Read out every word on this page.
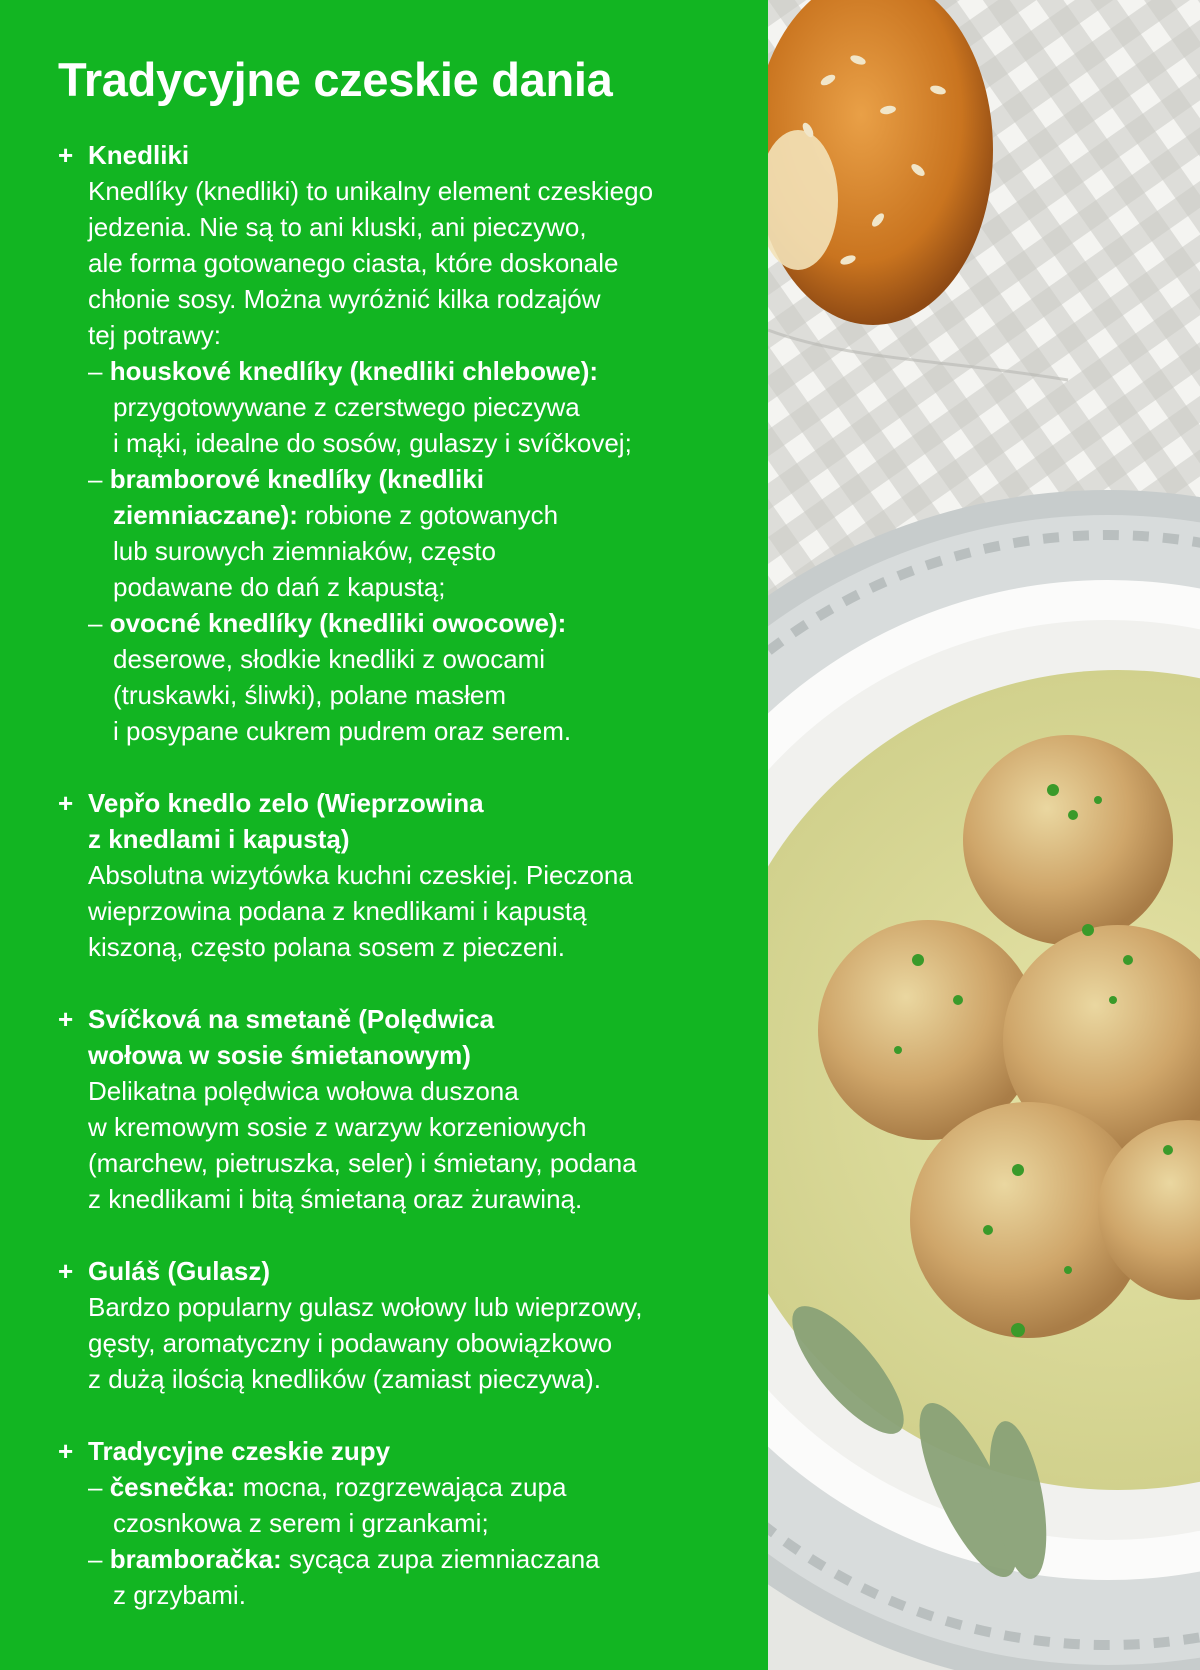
Tradycyjne czeskie dania
+ Knedliki
Knedlíky (knedliki) to unikalny element czeskiego
jedzenia. Nie są to ani kluski, ani pieczywo,
ale forma gotowanego ciasta, które doskonale
chłonie sosy. Można wyróżnić kilka rodzajów
tej potrawy:
– houskové knedlíky (knedliki chlebowe):
przygotowywane z czerstwego pieczywa
i mąki, idealne do sosów, gulaszy i svíčkovej;
– bramborové knedlíky (knedliki
ziemniaczane): robione z gotowanych
lub surowych ziemniaków, często
podawane do dań z kapustą;
– ovocné knedlíky (knedliki owocowe):
deserowe, słodkie knedliki z owocami
(truskawki, śliwki), polane masłem
i posypane cukrem pudrem oraz serem.
+ Vepřo knedlo zelo (Wieprzowina
z knedlami i kapustą)
Absolutna wizytówka kuchni czeskiej. Pieczona
wieprzowina podana z knedlikami i kapustą
kiszoną, często polana sosem z pieczeni.
+ Svíčková na smetaně (Polędwica
wołowa w sosie śmietanowym)
Delikatna polędwica wołowa duszona
w kremowym sosie z warzyw korzeniowych
(marchew, pietruszka, seler) i śmietany, podana
z knedlikami i bitą śmietaną oraz żurawiną.
+ Guláš (Gulasz)
Bardzo popularny gulasz wołowy lub wieprzowy,
gęsty, aromatyczny i podawany obowiązkowo
z dużą ilością knedlików (zamiast pieczywa).
+ Tradycyjne czeskie zupy
– česnečka: mocna, rozgrzewająca zupa
czosnkowa z serem i grzankami;
– bramboračka: sycąca zupa ziemniaczana
z grzybami.
